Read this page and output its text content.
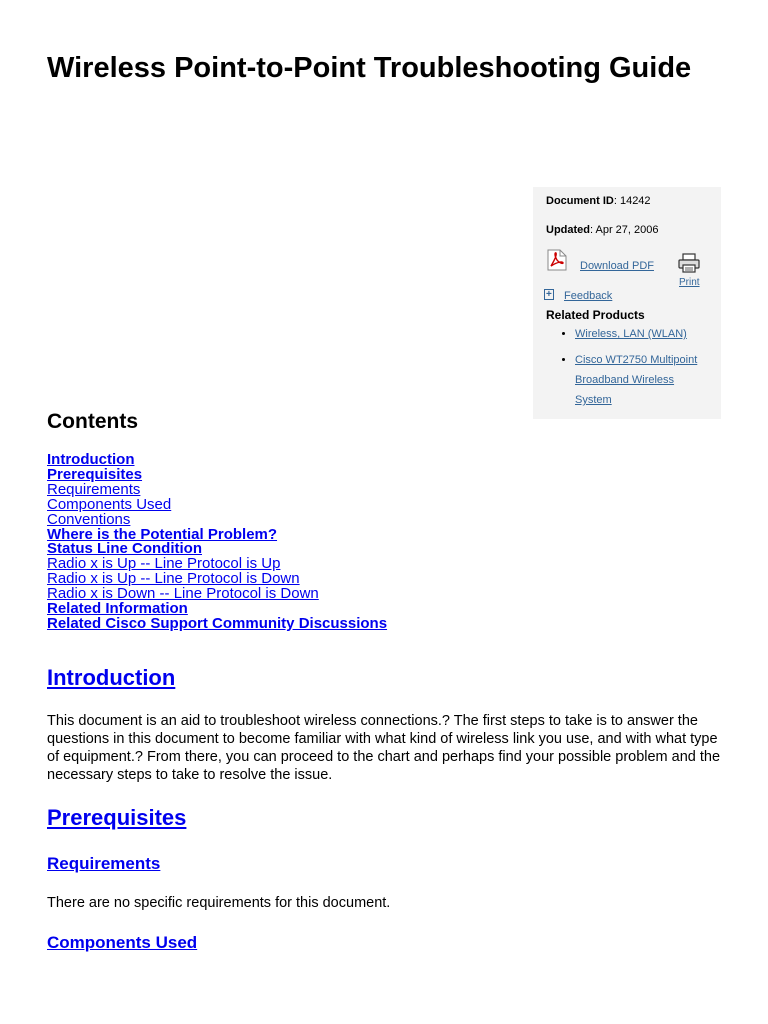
Wireless Point-to-Point Troubleshooting Guide

Document ID: 14242

Updated: Apr 27, 2006

Download PDF
Print
+ Feedback
Related Products
• Wireless, LAN (WLAN)
• Cisco WT2750 Multipoint Broadband Wireless System
Contents
Introduction
Prerequisites
Requirements
Components Used
Conventions
Where is the Potential Problem?
Status Line Condition
Radio x is Up -- Line Protocol is Up
Radio x is Up -- Line Protocol is Down
Radio x is Down -- Line Protocol is Down
Related Information
Related Cisco Support Community Discussions
Introduction

This document is an aid to troubleshoot wireless connections.? The first steps to take is to answer the questions in this document to become familiar with what kind of wireless link you use, and with what type of equipment.? From there, you can proceed to the chart and perhaps find your possible problem and the necessary steps to take to resolve the issue.

Prerequisites
Requirements

There are no specific requirements for this document.

Components Used
